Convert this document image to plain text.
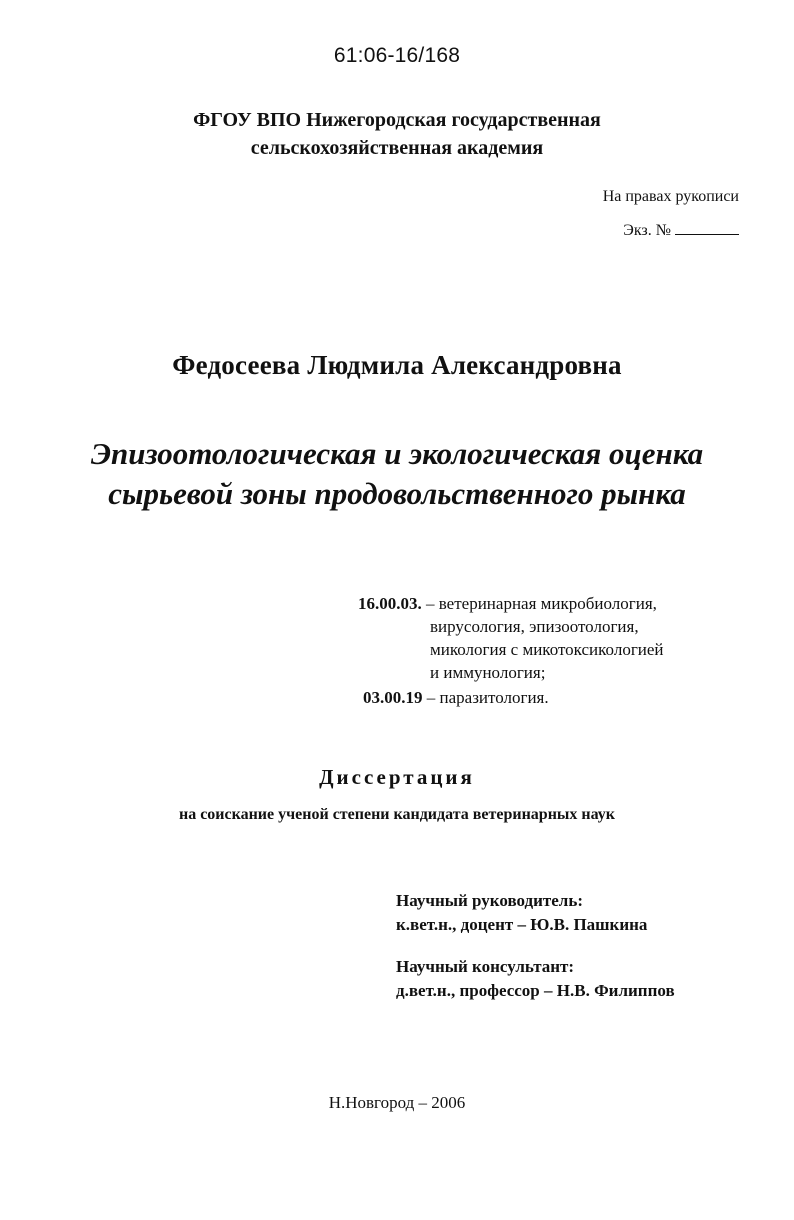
61:06-16/168
ФГОУ ВПО Нижегородская государственная
сельскохозяйственная академия
На правах рукописи
Экз. №
Федосеева Людмила Александровна
Эпизоотологическая и экологическая оценка
сырьевой зоны продовольственного рынка
16.00.03. – ветеринарная микробиология,
вирусология, эпизоотология,
микология с микотоксикологией
и иммунология;
03.00.19 – паразитология.
Диссертация
на соискание ученой степени кандидата ветеринарных наук
Научный руководитель:
к.вет.н., доцент – Ю.В. Пашкина
Научный консультант:
д.вет.н., профессор – Н.В. Филиппов
Н.Новгород – 2006
